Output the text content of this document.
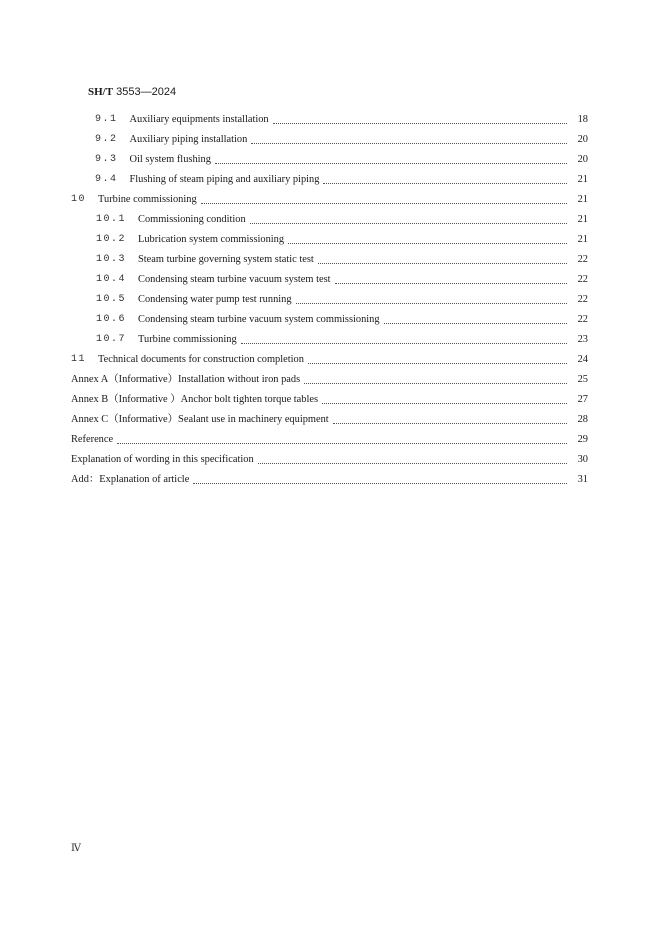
SH/T 3553—2024
9.1 Auxiliary equipments installation	18
9.2 Auxiliary piping installation	20
9.3 Oil system flushing	20
9.4 Flushing of steam piping and auxiliary piping	21
10 Turbine commissioning	21
10.1 Commissioning condition	21
10.2 Lubrication system commissioning	21
10.3 Steam turbine governing system static test	22
10.4 Condensing steam turbine vacuum system test	22
10.5 Condensing water pump test running	22
10.6 Condensing steam turbine vacuum system commissioning	22
10.7 Turbine commissioning	23
11 Technical documents for construction completion	24
Annex A（Informative）Installation without iron pads	25
Annex B（Informative ）Anchor bolt tighten torque tables	27
Annex C（Informative）Sealant use in machinery equipment	28
Reference	29
Explanation of wording in this specification	30
Add：Explanation of article	31
Ⅳ
